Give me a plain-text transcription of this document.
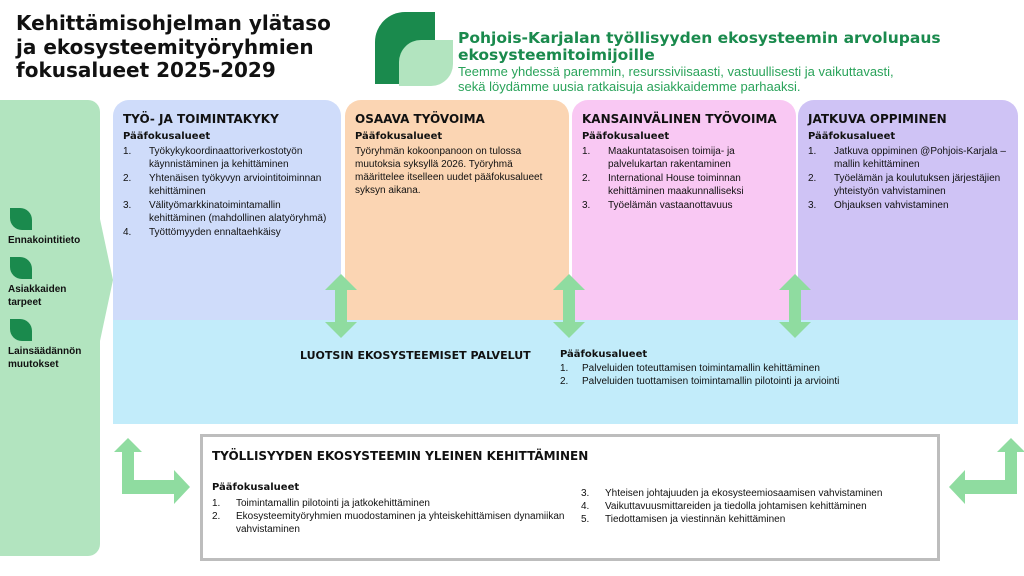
Kehittämisohjelman ylätaso
ja ekosysteemityöryhmien
fokusalueet 2025-2029
Pohjois-Karjalan työllisyyden ekosysteemin arvolupaus
ekosysteemitoimijoille
Teemme yhdessä paremmin, resurssiviisaasti, vastuullisesti ja vaikuttavasti,
sekä löydämme uusia ratkaisuja asiakkaidemme parhaaksi.
Ennakointitieto
Asiakkaiden
tarpeet
Lainsäädännön
muutokset
TYÖ- JA TOIMINTAKYKY
Pääfokusalueet
1.	Työkykykoordinaattoriverkostotyön käynnistäminen ja kehittäminen
2.	Yhtenäisen työkyvyn arviointitoiminnan kehittäminen
3.	Välityömarkkinatoimintamallin kehittäminen (mahdollinen alatyöryhmä)
4.	Työttömyyden ennaltaehkäisy
OSAAVA TYÖVOIMA
Pääfokusalueet

Työryhmän kokoonpanoon on tulossa muutoksia syksyllä 2026. Työryhmä määrittelee itselleen uudet pääfokusalueet syksyn aikana.

KANSAINVÄLINEN TYÖVOIMA
Pääfokusalueet
1.	Maakuntatasoisen toimija- ja palvelukartan rakentaminen
2.	International House toiminnan kehittäminen maakunnalliseksi
3.	Työelämän vastaanottavuus
JATKUVA OPPIMINEN
Pääfokusalueet
1.	Jatkuva oppiminen @Pohjois-Karjala –mallin kehittäminen
2.	Työelämän ja koulutuksen järjestäjien yhteistyön vahvistaminen
3.	Ohjauksen vahvistaminen
LUOTSIN EKOSYSTEEMISET PALVELUT	Pääfokusalueet
1.	Palveluiden toteuttamisen toimintamallin kehittäminen
2.	Palveluiden tuottamisen toimintamallin pilotointi ja arviointi
TYÖLLISYYDEN EKOSYSTEEMIN YLEINEN KEHITTÄMINEN
Pääfokusalueet
1.	Toimintamallin pilotointi ja jatkokehittäminen
2.	Ekosysteemityöryhmien muodostaminen ja yhteiskehittämisen dynamiikan vahvistaminen
3.	Yhteisen johtajuuden ja ekosysteemiosaamisen vahvistaminen
4.	Vaikuttavuusmittareiden ja tiedolla johtamisen kehittäminen
5.	Tiedottamisen ja viestinnän kehittäminen
